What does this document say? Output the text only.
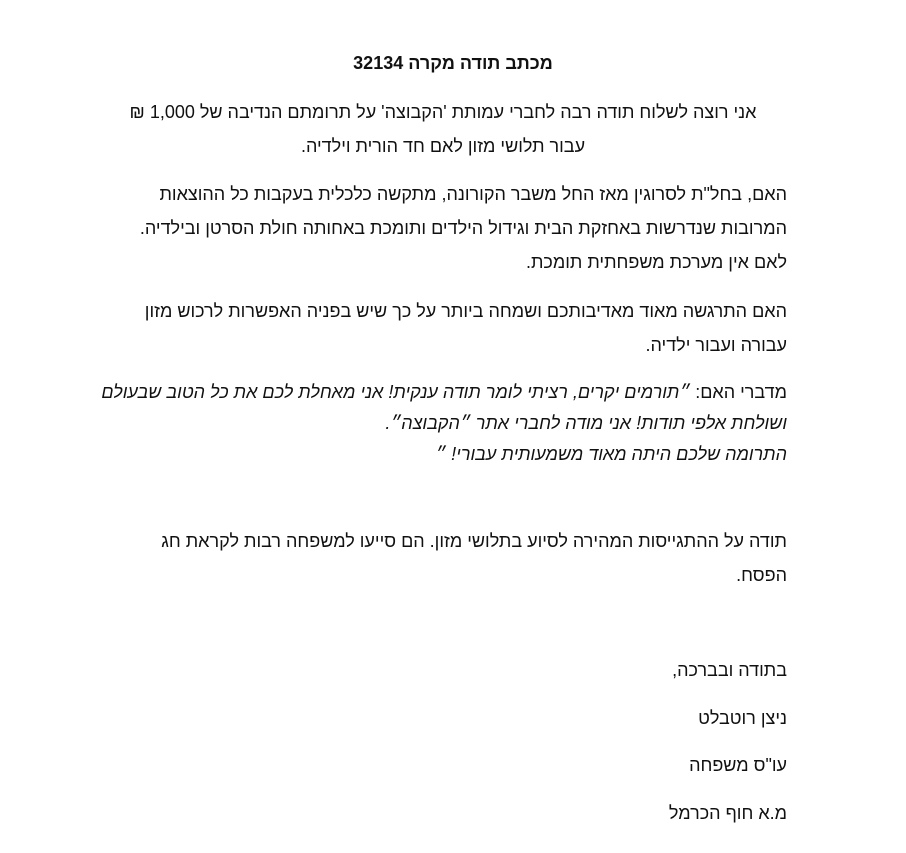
מכתב תודה מקרה 32134
אני רוצה לשלוח תודה רבה לחברי עמותת 'הקבוצה' על תרומתם הנדיבה של 1,000 ₪
עבור תלושי מזון לאם חד הורית וילדיה.
האם, בחל"ת לסרוגין מאז החל משבר הקורונה, מתקשה כלכלית בעקבות כל ההוצאות
המרובות שנדרשות באחזקת הבית וגידול הילדים ותומכת באחותה חולת הסרטן ובילדיה.
לאם אין מערכת משפחתית תומכת.
האם התרגשה מאוד מאדיבותכם ושמחה ביותר על כך שיש בפניה האפשרות לרכוש מזון
עבורה ועבור ילדיה.
מדברי האם: ״תורמים יקרים, רציתי לומר תודה ענקית! אני מאחלת לכם את כל הטוב שבעולם
ושולחת אלפי תודות! אני מודה לחברי אתר ״הקבוצה״.
התרומה שלכם היתה מאוד משמעותית עבורי! ״
תודה על ההתגייסות המהירה לסיוע בתלושי מזון. הם סייעו למשפחה רבות לקראת חג
הפסח.
בתודה ובברכה,
ניצן רוטבלט
עו"ס משפחה
מ.א חוף הכרמל
